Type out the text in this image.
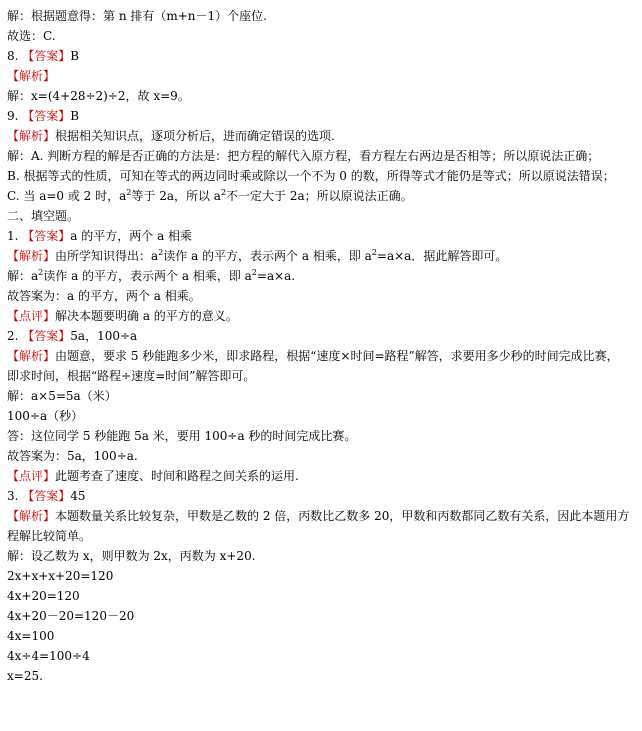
解：根据题意得：第 n 排有（m+n－1）个座位.
故选：C.
8. 【答案】B
【解析】
解：x=(4+28÷2)÷2，故 x=9。
9. 【答案】B
【解析】根据相关知识点，逐项分析后，进而确定错误的选项.
解：A. 判断方程的解是否正确的方法是：把方程的解代入原方程，看方程左右两边是否相等；所以原说法正确；
B. 根据等式的性质，可知在等式的两边同时乘或除以一个不为 0 的数，所得等式才能仍是等式；所以原说法错误；
C. 当 a=0 或 2 时，$a^2$等于 2a，所以 $a^2$不一定大于 2a；所以原说法正确。
二、填空题。
1. 【答案】a 的平方，两个 a 相乘
【解析】由所学知识得出：$a^2$读作 a 的平方，表示两个 a 相乘，即 $a^2=a\times a$．据此解答即可。
解：$a^2$读作 a 的平方，表示两个 a 相乘，即 $a^2=a\times a$.
故答案为：a 的平方，两个 a 相乘。
【点评】解决本题要明确 a 的平方的意义。
2. 【答案】5a，100÷a
【解析】由题意，要求 5 秒能跑多少米，即求路程，根据“速度×时间=路程”解答，求要用多少秒的时间完成比赛，
即求时间，根据“路程÷速度=时间”解答即可。
解：a×5=5a（米）
100÷a（秒）
答：这位同学 5 秒能跑 5a 米，要用 100÷a 秒的时间完成比赛。
故答案为：5a，100÷a.
【点评】此题考查了速度、时间和路程之间关系的运用.
3. 【答案】45
【解析】本题数量关系比较复杂，甲数是乙数的 2 倍，丙数比乙数多 20，甲数和丙数都同乙数有关系，因此本题用方
程解比较简单。
解：设乙数为 x，则甲数为 2x，丙数为 x+20.
2x+x+x+20=120
4x+20=120
4x+20－20=120－20
4x=100
4x÷4=100÷4
x=25.
